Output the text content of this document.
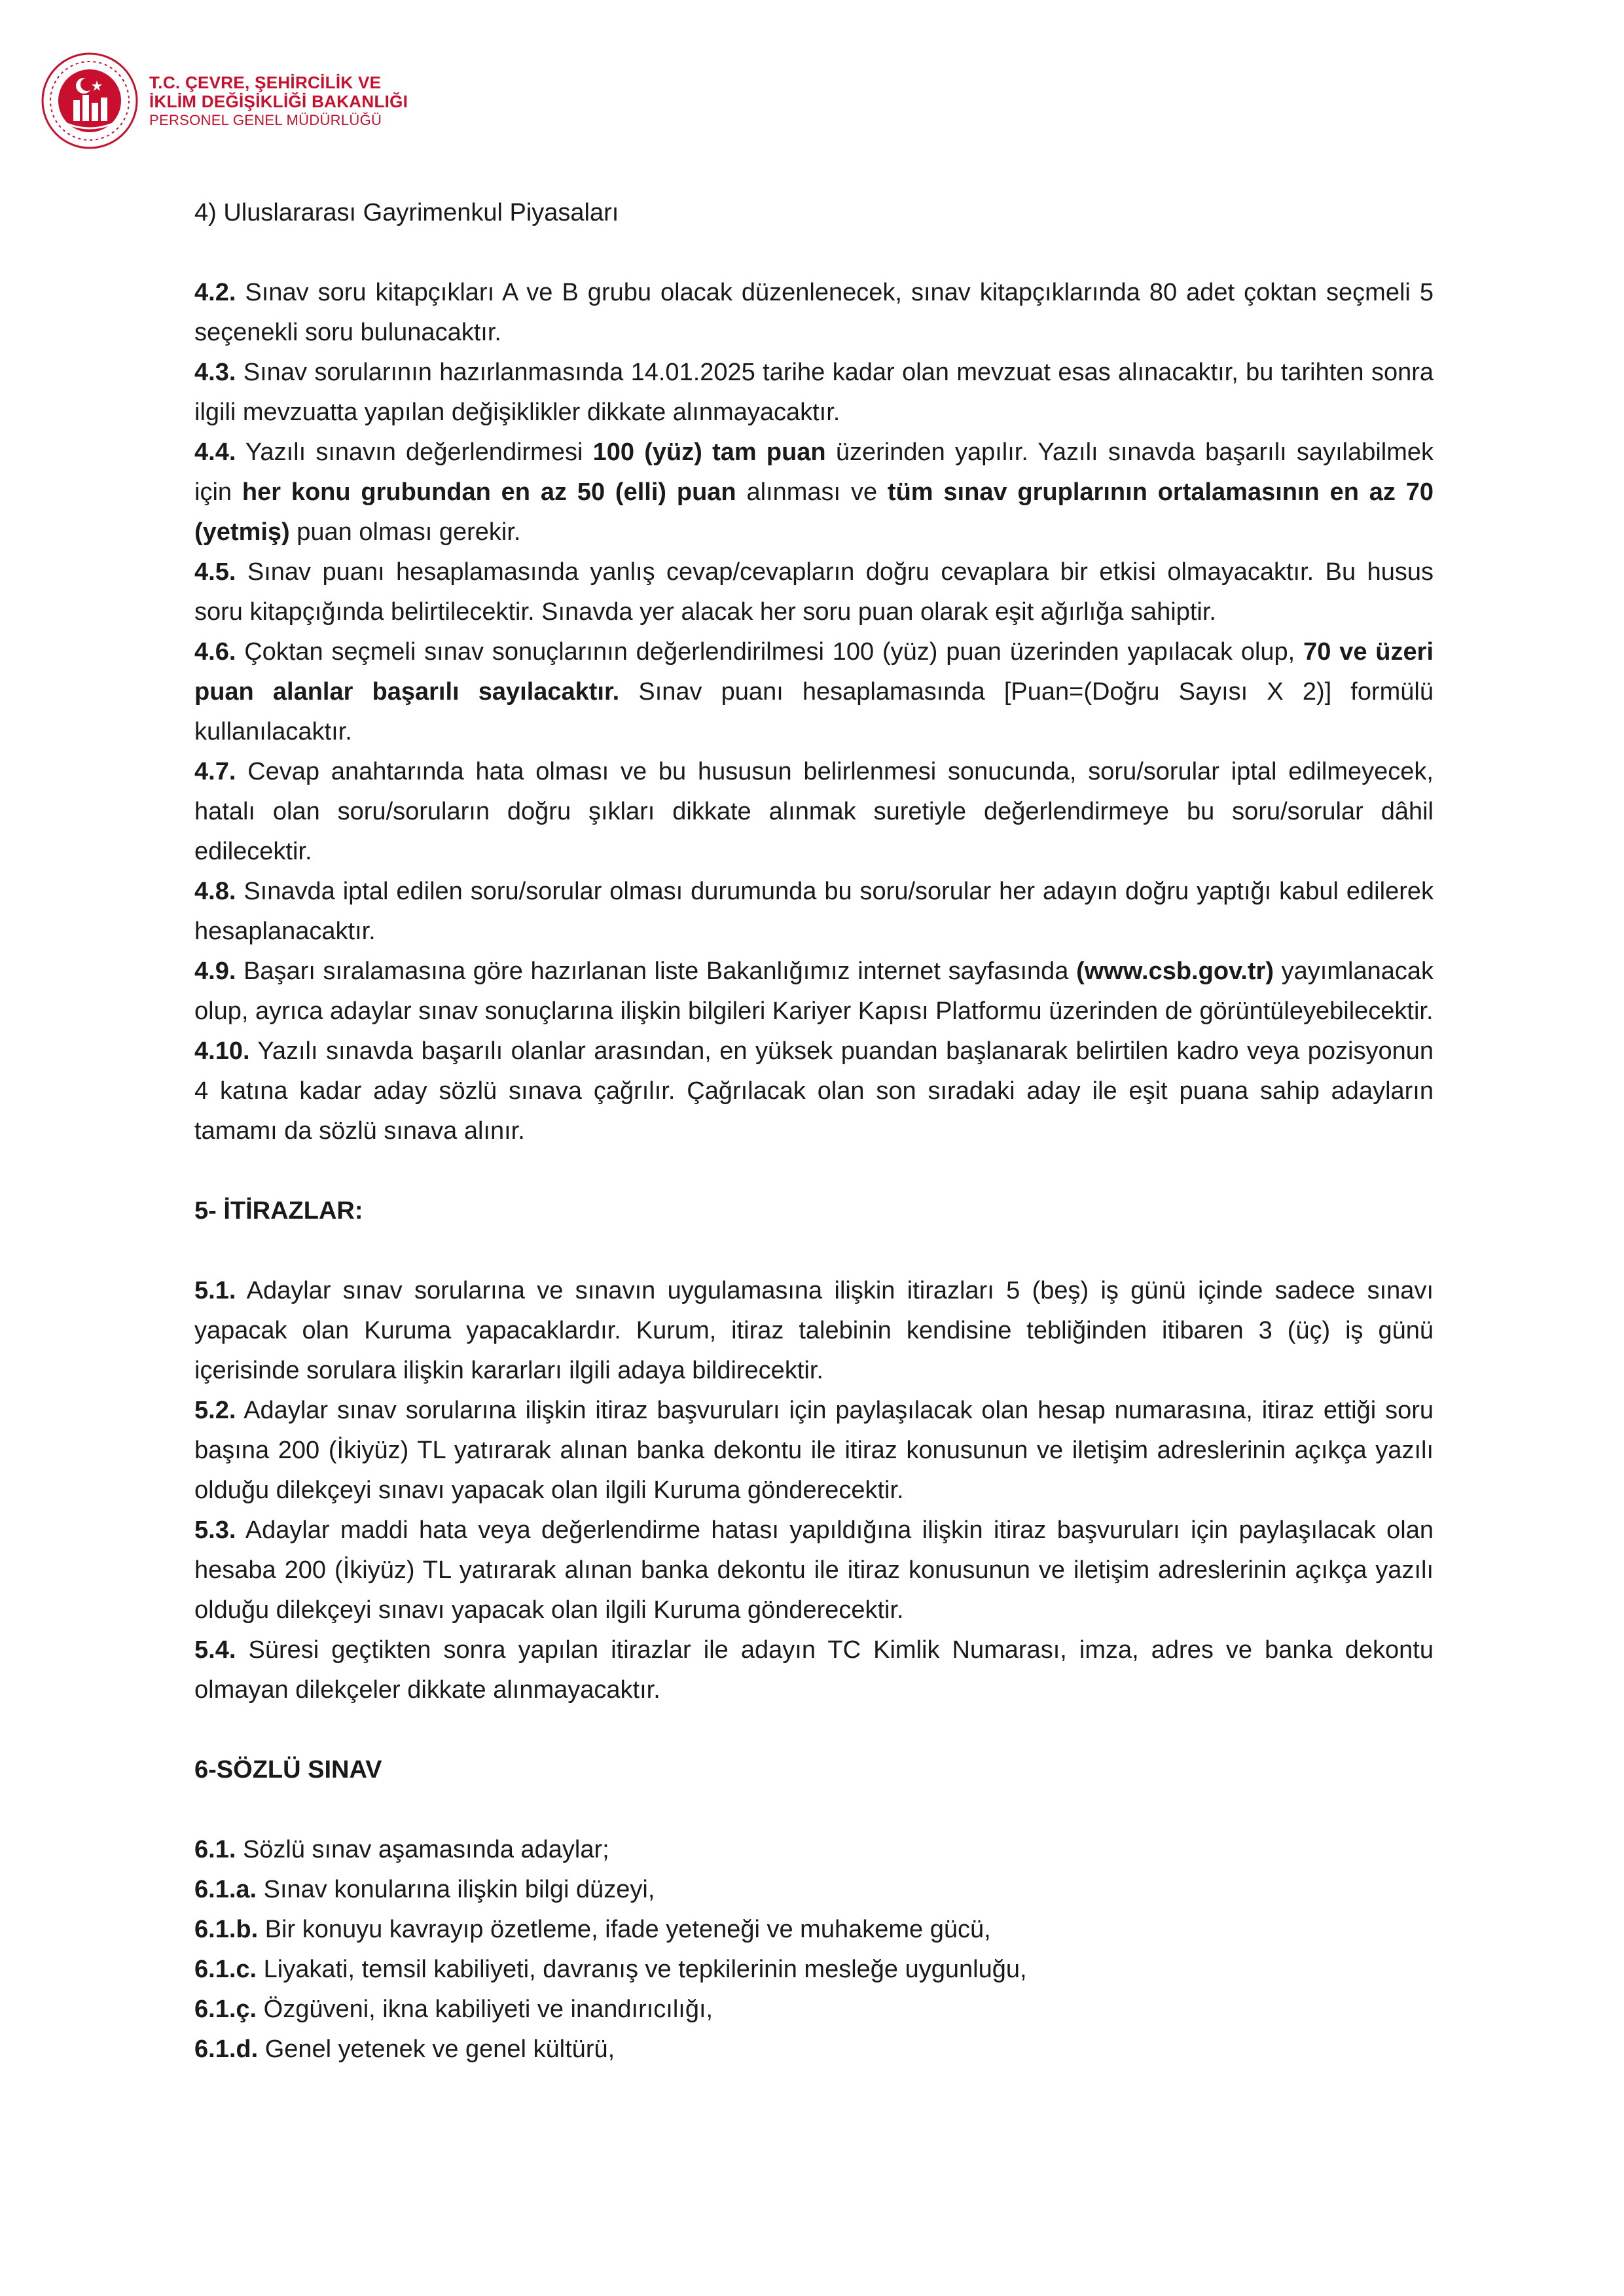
T.C. ÇEVRE, ŞEHİRCİLİK VE
İKLİM DEĞİŞİKLİĞİ BAKANLIĞI
PERSONEL GENEL MÜDÜRLÜĞÜ

4) Uluslararası Gayrimenkul Piyasaları

4.2. Sınav soru kitapçıkları A ve B grubu olacak düzenlenecek, sınav kitapçıklarında 80 adet çoktan seçmeli 5 seçenekli soru bulunacaktır.

4.3. Sınav sorularının hazırlanmasında 14.01.2025 tarihe kadar olan mevzuat esas alınacaktır, bu tarihten sonra ilgili mevzuatta yapılan değişiklikler dikkate alınmayacaktır.

4.4. Yazılı sınavın değerlendirmesi 100 (yüz) tam puan üzerinden yapılır. Yazılı sınavda başarılı sayılabilmek için her konu grubundan en az 50 (elli) puan alınması ve tüm sınav gruplarının ortalamasının en az 70 (yetmiş) puan olması gerekir.

4.5. Sınav puanı hesaplamasında yanlış cevap/cevapların doğru cevaplara bir etkisi olmayacaktır. Bu husus soru kitapçığında belirtilecektir. Sınavda yer alacak her soru puan olarak eşit ağırlığa sahiptir.

4.6. Çoktan seçmeli sınav sonuçlarının değerlendirilmesi 100 (yüz) puan üzerinden yapılacak olup, 70 ve üzeri puan alanlar başarılı sayılacaktır. Sınav puanı hesaplamasında [Puan=(Doğru Sayısı X 2)] formülü kullanılacaktır.

4.7. Cevap anahtarında hata olması ve bu hususun belirlenmesi sonucunda, soru/sorular iptal edilmeyecek, hatalı olan soru/soruların doğru şıkları dikkate alınmak suretiyle değerlendirmeye bu soru/sorular dâhil edilecektir.

4.8. Sınavda iptal edilen soru/sorular olması durumunda bu soru/sorular her adayın doğru yaptığı kabul edilerek hesaplanacaktır.

4.9. Başarı sıralamasına göre hazırlanan liste Bakanlığımız internet sayfasında (www.csb.gov.tr) yayımlanacak olup, ayrıca adaylar sınav sonuçlarına ilişkin bilgileri Kariyer Kapısı Platformu üzerinden de görüntüleyebilecektir.

4.10. Yazılı sınavda başarılı olanlar arasından, en yüksek puandan başlanarak belirtilen kadro veya pozisyonun 4 katına kadar aday sözlü sınava çağrılır. Çağrılacak olan son sıradaki aday ile eşit puana sahip adayların tamamı da sözlü sınava alınır.

5- İTİRAZLAR:

5.1. Adaylar sınav sorularına ve sınavın uygulamasına ilişkin itirazları 5 (beş) iş günü içinde sadece sınavı yapacak olan Kuruma yapacaklardır. Kurum, itiraz talebinin kendisine tebliğinden itibaren 3 (üç) iş günü içerisinde sorulara ilişkin kararları ilgili adaya bildirecektir.

5.2. Adaylar sınav sorularına ilişkin itiraz başvuruları için paylaşılacak olan hesap numarasına, itiraz ettiği soru başına 200 (İkiyüz) TL yatırarak alınan banka dekontu ile itiraz konusunun ve iletişim adreslerinin açıkça yazılı olduğu dilekçeyi sınavı yapacak olan ilgili Kuruma gönderecektir.

5.3. Adaylar maddi hata veya değerlendirme hatası yapıldığına ilişkin itiraz başvuruları için paylaşılacak olan hesaba 200 (İkiyüz) TL yatırarak alınan banka dekontu ile itiraz konusunun ve iletişim adreslerinin açıkça yazılı olduğu dilekçeyi sınavı yapacak olan ilgili Kuruma gönderecektir.

5.4. Süresi geçtikten sonra yapılan itirazlar ile adayın TC Kimlik Numarası, imza, adres ve banka dekontu olmayan dilekçeler dikkate alınmayacaktır.

6-SÖZLÜ SINAV

6.1. Sözlü sınav aşamasında adaylar;

6.1.a. Sınav konularına ilişkin bilgi düzeyi,

6.1.b. Bir konuyu kavrayıp özetleme, ifade yeteneği ve muhakeme gücü,

6.1.c. Liyakati, temsil kabiliyeti, davranış ve tepkilerinin mesleğe uygunluğu,

6.1.ç. Özgüveni, ikna kabiliyeti ve inandırıcılığı,

6.1.d. Genel yetenek ve genel kültürü,
